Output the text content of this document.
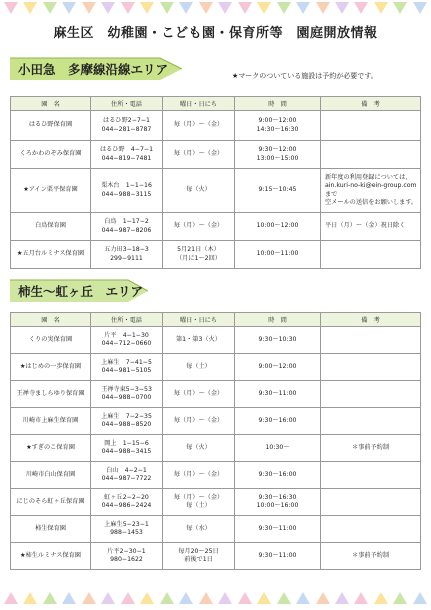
麻生区　幼稚園・こども園・保育所等　園庭開放情報
小田急　多摩線沿線エリア	★マークのついている施設は予約が必要です。
園　名	住所・電話	曜日・日にち	時　間	備　考
はるひ野保育園	はるひ野2−7−1
044−281−8787	毎（月）〜（金）	9:00〜12:00
14:30〜16:30	

くろかわのぞみ保育園	はるひ野　4−7−1
044−819−7481	毎（月）〜（金）	9:30〜12:00
13:00〜15:00	

★アイン栗平保育園	栗木台　1−1−16
044−988−3115	毎（火）	9:15〜10:45	新年度の利用登録については、
ain.kuri-no-ki@ein-group.com まで
空メールの送信をお願いします。

白鳥保育園	白鳥　1−17−2
044−987−8206	毎（月）〜（金）	10:00〜12:00	平日（月）〜（金）祝日除く

★五月台ルミナス保育園	五力田3−18−3
299−9111	5月21日（木）
（月に1〜2回）	10:00〜11:00	

柿生〜虹ヶ丘　エリア
園　名	住所・電話	曜日・日にち	時　間	備　考
くりの実保育園	片平　4−1−30
044−712−0660	第1・第3（火）	9:30〜10:30	

★はじめの一歩保育園	上麻生　7−41−5
044−981−5105	毎（土）	9:00〜12:00	

王禅寺ましらゆり保育園	王禅寺東5−3−53
044−988−0700	毎（月）〜（金）	9:30〜11:00	

川崎市上麻生保育園	上麻生　7−2−35
044−988−8520	毎（月）〜（金）	9:30〜16:00	

★すぎのこ保育園	岡上　1−15−6
044−988−3415	毎（火）	10:30〜	＊事前予約制

川崎市白山保育園	白山　4−2−1
044−987−7722	毎（月）〜（金）	9:30〜16:00	

にじのそら虹ヶ丘保育園	虹ヶ丘2−2−20
044−986−2424	毎（月）〜（金）
毎（土）	9:30〜16:30
10:00〜16:00	

柿生保育園	上麻生5−23−1
988−1453	毎（水）	9:30〜11:00	

★柿生ルミナス保育園	片平2−30−1
980−1622	毎月20〜25日
前後で1日	9:30〜11:00	＊事前予約制
